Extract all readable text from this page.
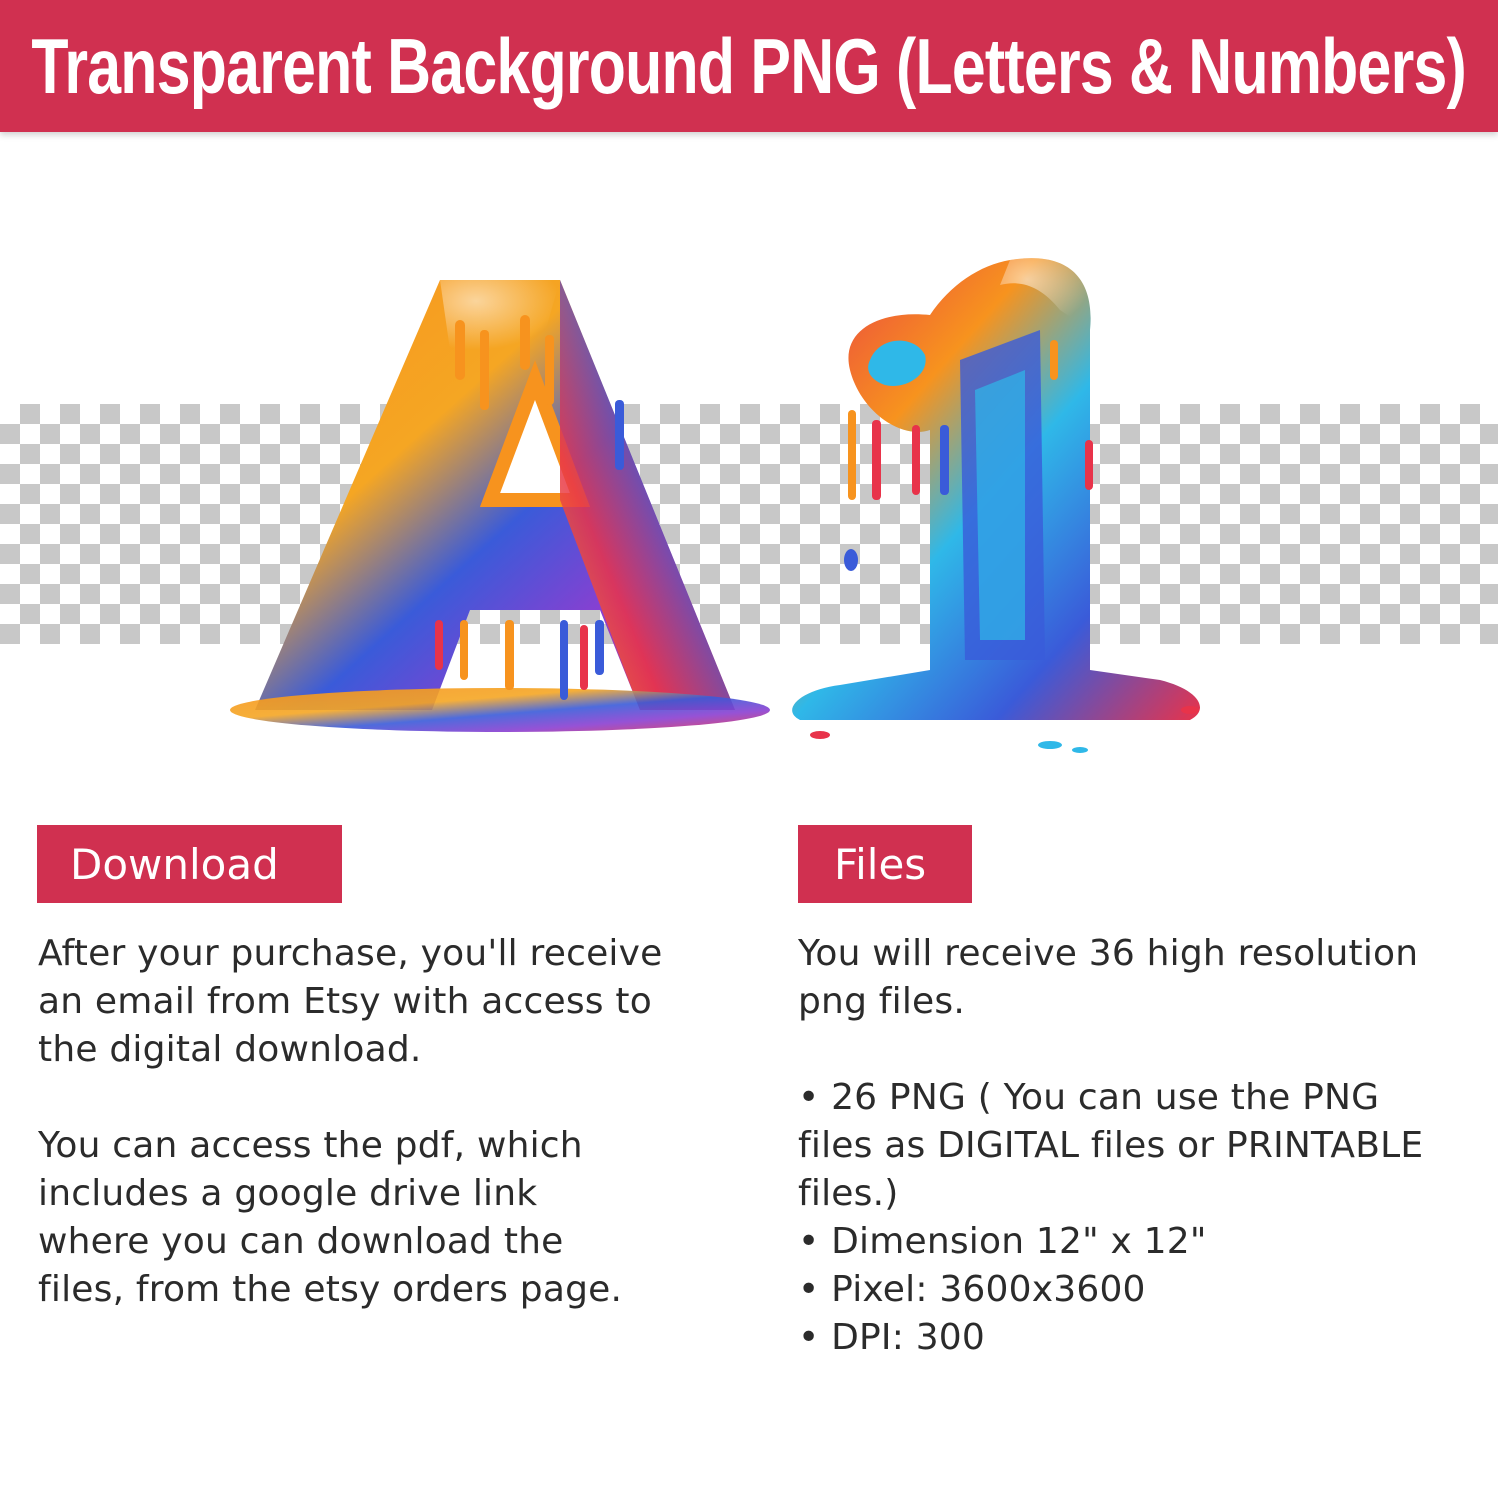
Transparent Background PNG (Letters & Numbers)
Download	Files

After your purchase, you'll receive
an email from Etsy with access to
the digital download.

You can access the pdf, which
includes a google drive link
where you can download the
files, from the etsy orders page.

You will receive 36 high resolution
png files.

• 26 PNG ( You can use the PNG
files as DIGITAL files or PRINTABLE
files.)
• Dimension 12" x 12"
• Pixel: 3600x3600
• DPI: 300
